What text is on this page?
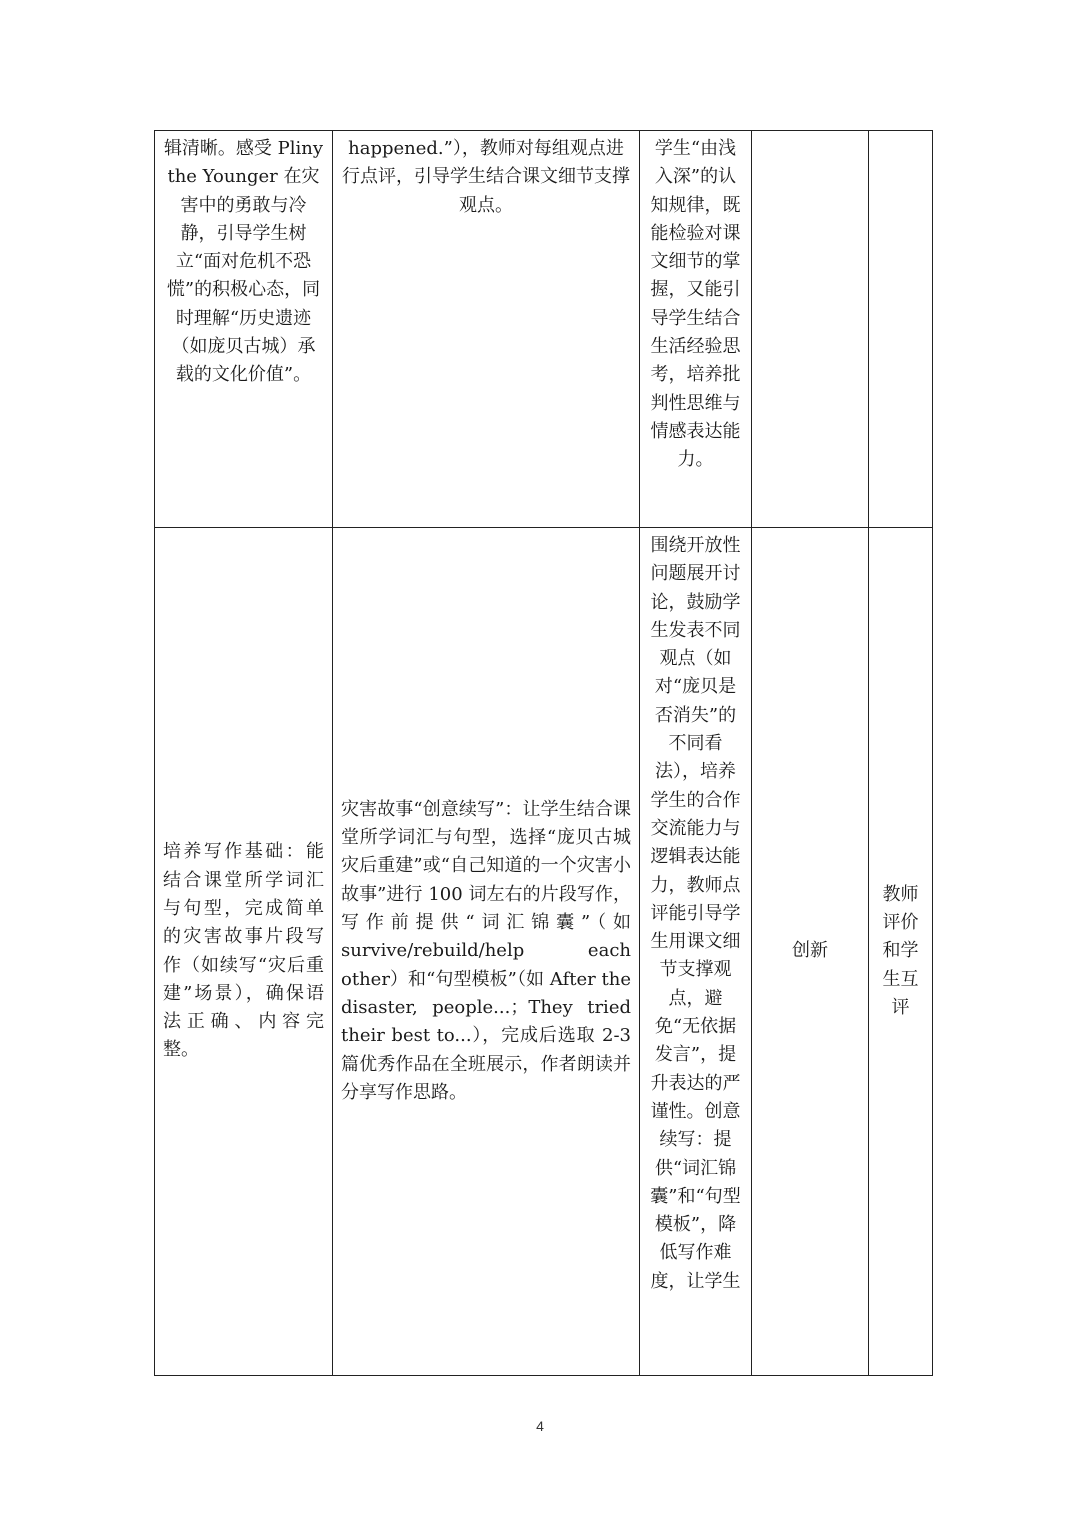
辑清晰。感受 Pliny the Younger 在灾害中的勇敢与冷静，引导学生树立“面对危机不恐慌”的积极心态，同时理解“历史遗迹（如庞贝古城）承载的文化价值”。	happened.”），教师对每组观点进行点评，引导学生结合课文细节支撑观点。	学生“由浅入深”的认知规律，既能检验对课文细节的掌握，又能引导学生结合生活经验思考，培养批判性思维与情感表达能力。		
培养写作基础：能结合课堂所学词汇与句型，完成简单的灾害故事片段写作（如续写“灾后重建”场景），确保语法正确、内容完整。	灾害故事“创意续写”：让学生结合课堂所学词汇与句型，选择“庞贝古城灾后重建”或“自己知道的一个灾害小故事”进行 100 词左右的片段写作，写作前提供“词汇锦囊”（如 survive/rebuild/help each other）和“句型模板”（如 After the disaster, people...；They tried their best to...），完成后选取 2-3 篇优秀作品在全班展示，作者朗读并分享写作思路。	围绕开放性问题展开讨论，鼓励学生发表不同观点（如对“庞贝是否消失”的不同看法），培养学生的合作交流能力与逻辑表达能力，教师点评能引导学生用课文细节支撑观点，避免“无依据发言”，提升表达的严谨性。创意续写：提供“词汇锦囊”和“句型模板”，降低写作难度，让学生	创新	教师评价和学生互评
4
